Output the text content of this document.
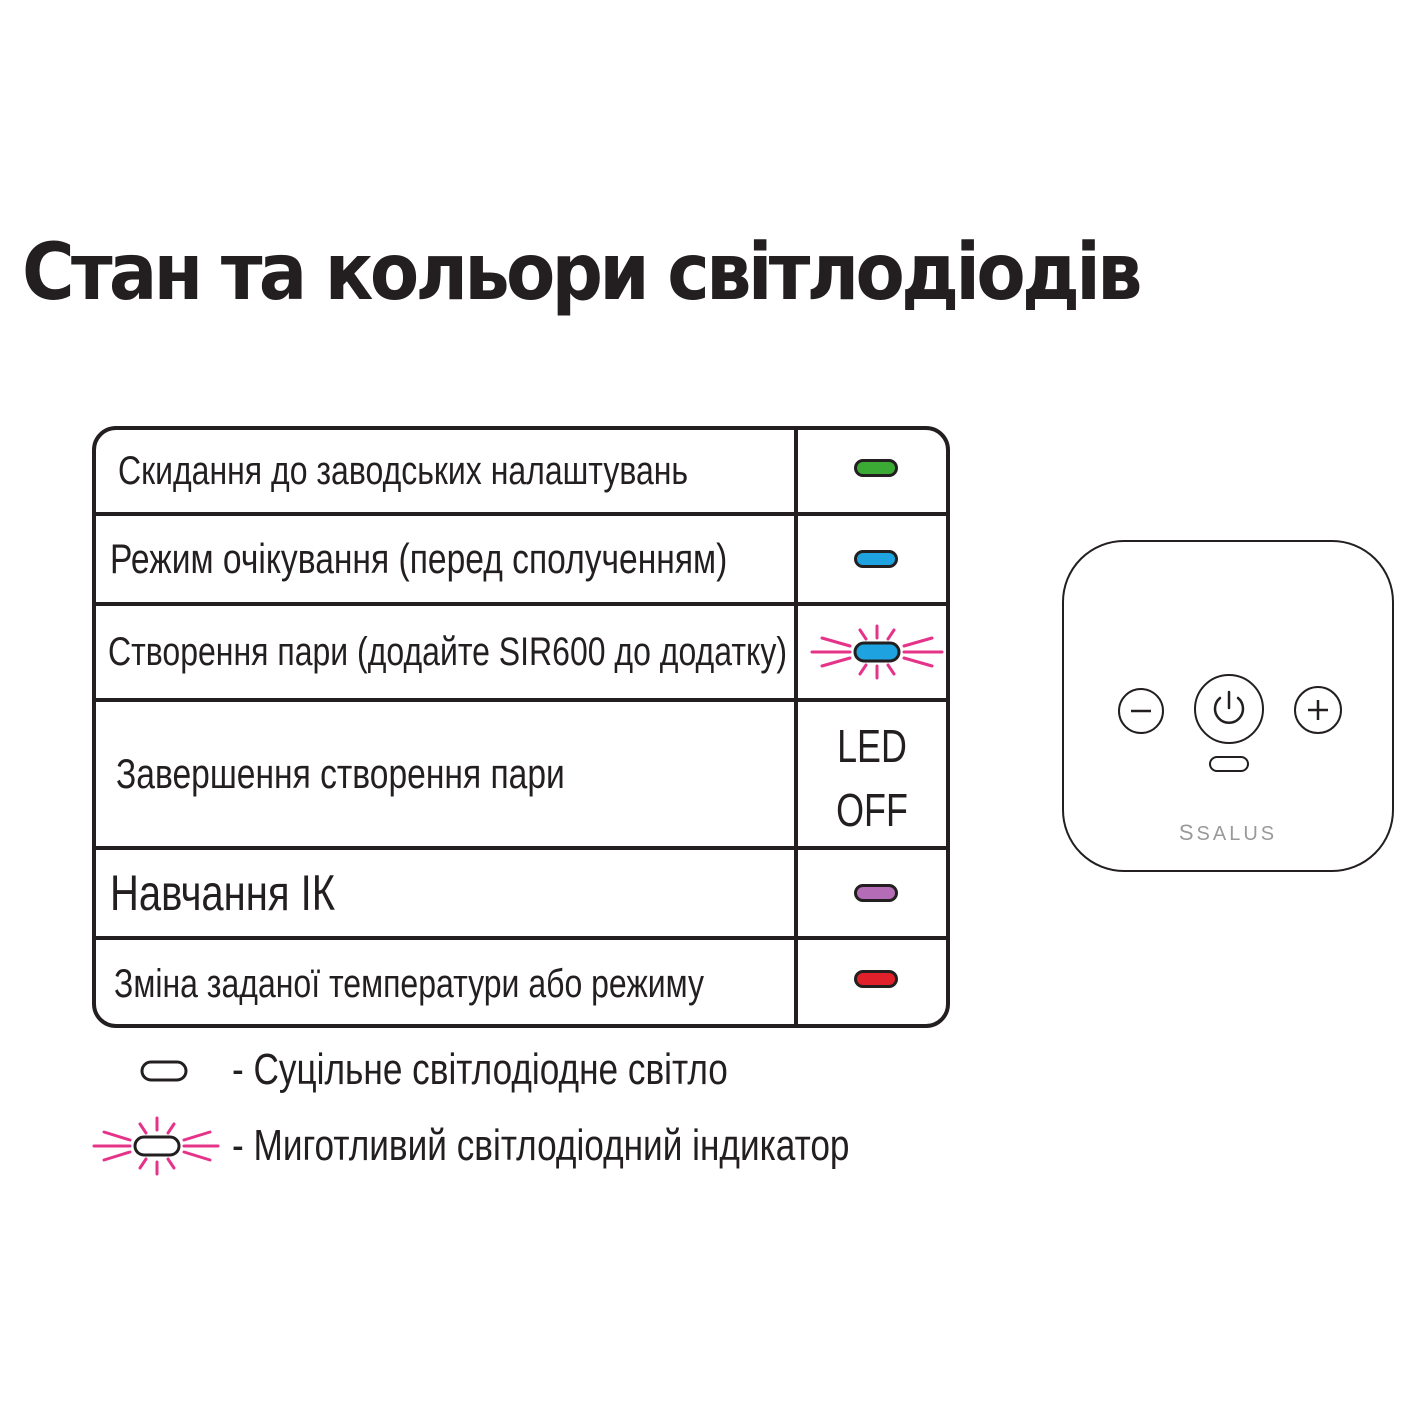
Стан та кольори світлодіодів
Скидання до заводських налаштувань
Режим очікування (перед сполученням)
Створення пари (додайте SIR600 до додатку)
Завершення створення пари
LED
OFF
Навчання ІК
Зміна заданої температури або режиму
- Суцільне світлодіодне світло
- Миготливий світлодіодний індикатор
SSALUS
